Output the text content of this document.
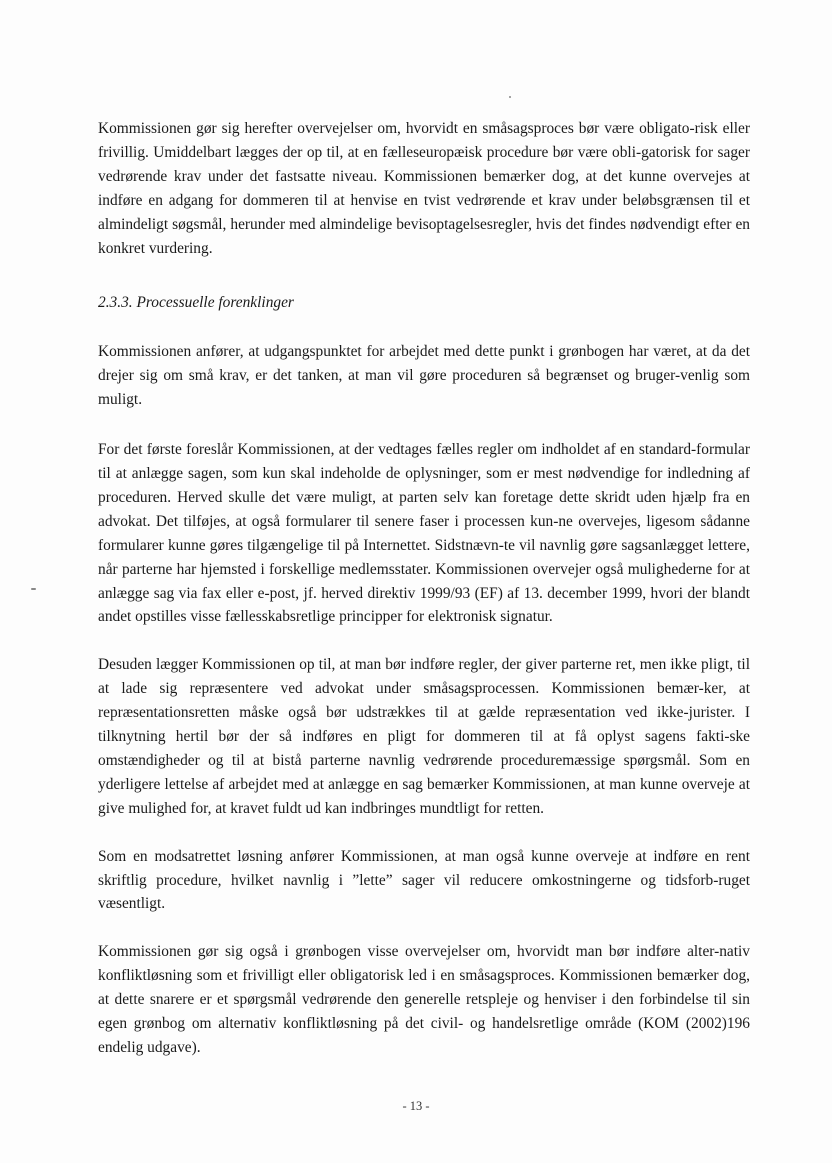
Kommissionen gør sig herefter overvejelser om, hvorvidt en småsagsproces bør være obligato-risk eller frivillig. Umiddelbart lægges der op til, at en fælleseuropæisk procedure bør være obli-gatorisk for sager vedrørende krav under det fastsatte niveau. Kommissionen bemærker dog, at det kunne overvejes at indføre en adgang for dommeren til at henvise en tvist vedrørende et krav under beløbsgrænsen til et almindeligt søgsmål, herunder med almindelige bevisoptagelsesregler, hvis det findes nødvendigt efter en konkret vurdering.

2.3.3. Processuelle forenklinger

Kommissionen anfører, at udgangspunktet for arbejdet med dette punkt i grønbogen har været, at da det drejer sig om små krav, er det tanken, at man vil gøre proceduren så begrænset og bruger-venlig som muligt.

For det første foreslår Kommissionen, at der vedtages fælles regler om indholdet af en standard-formular til at anlægge sagen, som kun skal indeholde de oplysninger, som er mest nødvendige for indledning af proceduren. Herved skulle det være muligt, at parten selv kan foretage dette skridt uden hjælp fra en advokat. Det tilføjes, at også formularer til senere faser i processen kun-ne overvejes, ligesom sådanne formularer kunne gøres tilgængelige til på Internettet. Sidstnævn-te vil navnlig gøre sagsanlægget lettere, når parterne har hjemsted i forskellige medlemsstater. Kommissionen overvejer også mulighederne for at anlægge sag via fax eller e-post, jf. herved direktiv 1999/93 (EF) af 13. december 1999, hvori der blandt andet opstilles visse fællesskabsretlige principper for elektronisk signatur.

Desuden lægger Kommissionen op til, at man bør indføre regler, der giver parterne ret, men ikke pligt, til at lade sig repræsentere ved advokat under småsagsprocessen. Kommissionen bemær-ker, at repræsentationsretten måske også bør udstrækkes til at gælde repræsentation ved ikke-jurister. I tilknytning hertil bør der så indføres en pligt for dommeren til at få oplyst sagens fakti-ske omstændigheder og til at bistå parterne navnlig vedrørende proceduremæssige spørgsmål. Som en yderligere lettelse af arbejdet med at anlægge en sag bemærker Kommissionen, at man kunne overveje at give mulighed for, at kravet fuldt ud kan indbringes mundtligt for retten.

Som en modsatrettet løsning anfører Kommissionen, at man også kunne overveje at indføre en rent skriftlig procedure, hvilket navnlig i ”lette” sager vil reducere omkostningerne og tidsforb-ruget væsentligt.

Kommissionen gør sig også i grønbogen visse overvejelser om, hvorvidt man bør indføre alter-nativ konfliktløsning som et frivilligt eller obligatorisk led i en småsagsproces. Kommissionen bemærker dog, at dette snarere er et spørgsmål vedrørende den generelle retspleje og henviser i den forbindelse til sin egen grønbog om alternativ konfliktløsning på det civil- og handelsretlige område (KOM (2002)196 endelig udgave).

- 13 -
